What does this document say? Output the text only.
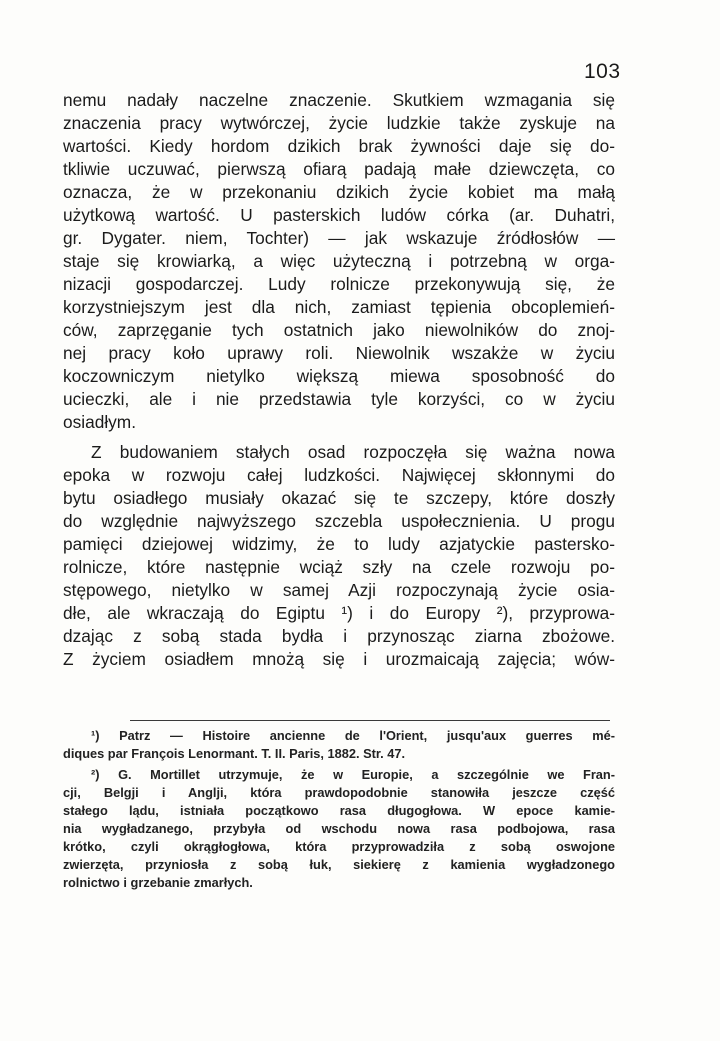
103
nemu nadały naczelne znaczenie. Skutkiem wzmagania się
znaczenia pracy wytwórczej, życie ludzkie także zyskuje na
wartości. Kiedy hordom dzikich brak żywności daje się do-
tkliwie uczuwać, pierwszą ofiarą padają małe dziewczęta, co
oznacza, że w przekonaniu dzikich życie kobiet ma małą
użytkową wartość. U pasterskich ludów córka (ar. Duhatri,
gr. Dygater. niem, Tochter) — jak wskazuje źródłosłów —
staje się krowiarką, a więc użyteczną i potrzebną w orga-
nizacji gospodarczej. Ludy rolnicze przekonywują się, że
korzystniejszym jest dla nich, zamiast tępienia obcoplemień-
ców, zaprzęganie tych ostatnich jako niewolników do znoj-
nej pracy koło uprawy roli. Niewolnik wszakże w życiu
koczowniczym nietylko większą miewa sposobność do
ucieczki, ale i nie przedstawia tyle korzyści, co w życiu
osiadłym.
Z budowaniem stałych osad rozpoczęła się ważna nowa
epoka w rozwoju całej ludzkości. Najwięcej skłonnymi do
bytu osiadłego musiały okazać się te szczepy, które doszły
do względnie najwyższego szczebla uspołecznienia. U progu
pamięci dziejowej widzimy, że to ludy azjatyckie pastersko-
rolnicze, które następnie wciąż szły na czele rozwoju po-
stępowego, nietylko w samej Azji rozpoczynają życie osia-
dłe, ale wkraczają do Egiptu ¹) i do Europy ²), przyprowa-
dzając z sobą stada bydła i przynosząc ziarna zbożowe.
Z życiem osiadłem mnożą się i urozmaicają zajęcia; wów-
¹) Patrz — Histoire ancienne de l'Orient, jusqu'aux guerres mé-
diques par François Lenormant. T. II. Paris, 1882. Str. 47.
²) G. Mortillet utrzymuje, że w Europie, a szczególnie we Fran-
cji, Belgji i Anglji, która prawdopodobnie stanowiła jeszcze część
stałego lądu, istniała początkowo rasa długogłowa. W epoce kamie-
nia wygładzanego, przybyła od wschodu nowa rasa podbojowa, rasa
krótko, czyli okrągłogłowa, która przyprowadziła z sobą oswojone
zwierzęta, przyniosła z sobą łuk, siekierę z kamienia wygładzonego
rolnictwo i grzebanie zmarłych.
